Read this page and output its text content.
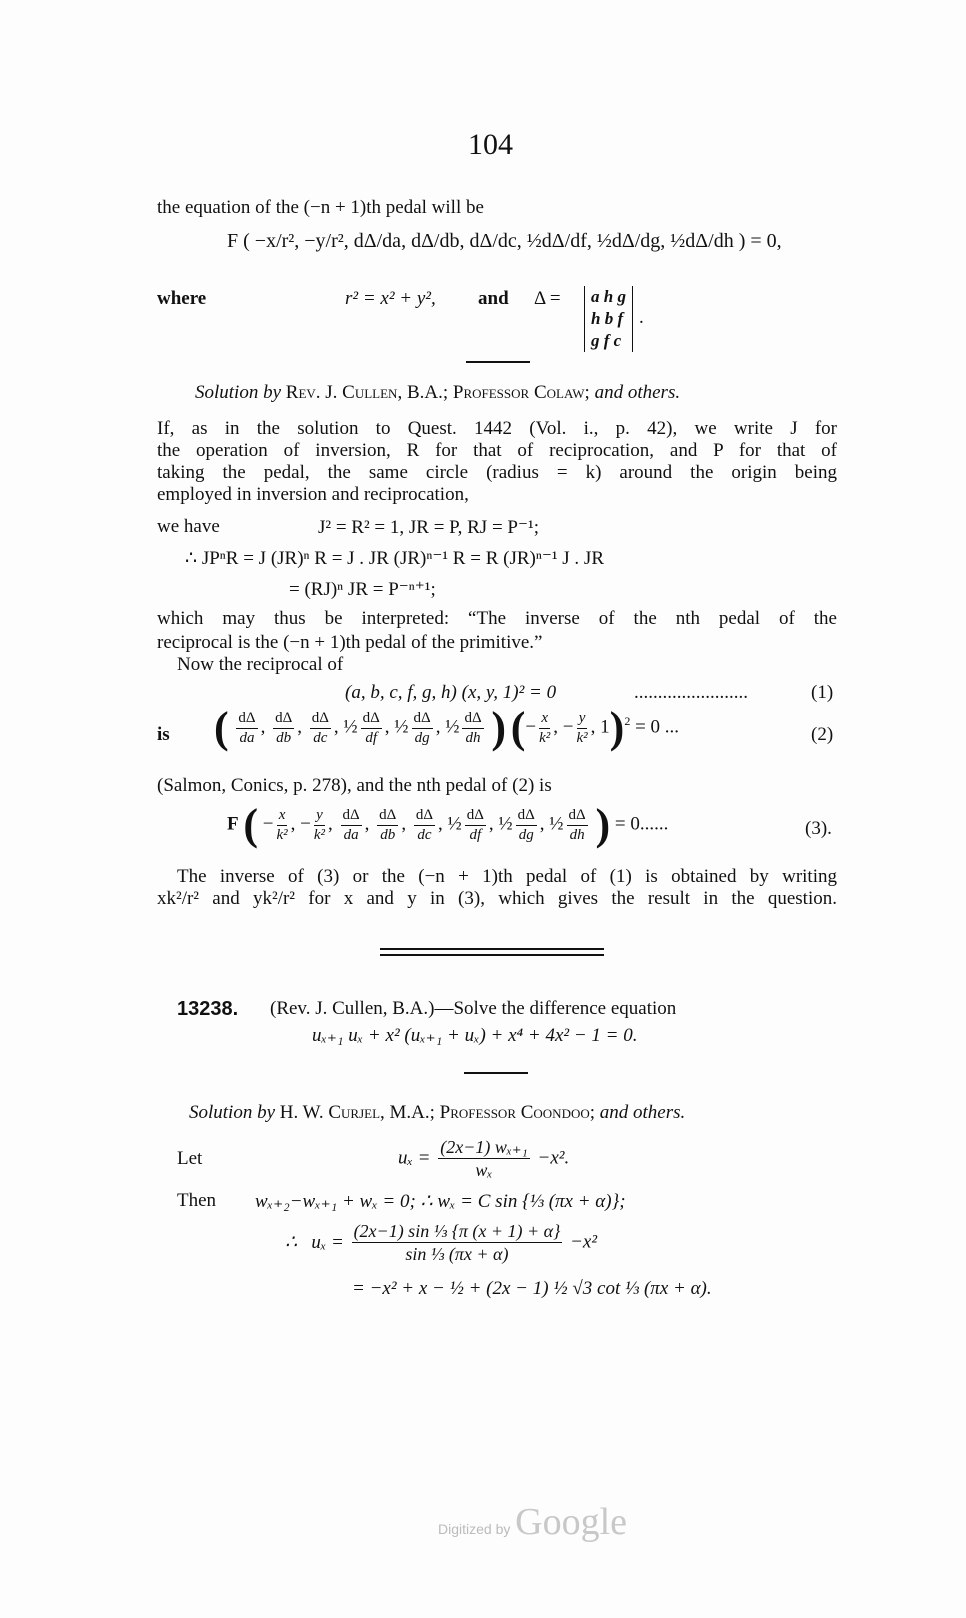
104
the equation of the (−n + 1)th pedal will be
F ( −x/r², −y/r², dΔ/da, dΔ/db, dΔ/dc, ½dΔ/df, ½dΔ/dg, ½dΔ/dh ) = 0,
where	r² = x² + y², and Δ = a h g
h b f
g f c
.
Solution by Rev. J. Cullen, B.A.; Professor Colaw; and others.
If, as in the solution to Quest. 1442 (Vol. i., p. 42), we write J for
the operation of inversion, R for that of reciprocation, and P for that of
taking the pedal, the same circle (radius = k) around the origin being
employed in inversion and reciprocation,
we have	J² = R² = 1, JR = P, RJ = P⁻¹;
∴ JPⁿR = J (JR)ⁿ R = J . JR (JR)ⁿ⁻¹ R = R (JR)ⁿ⁻¹ J . JR
= (RJ)ⁿ JR = P⁻ⁿ⁺¹;
which may thus be interpreted: “The inverse of the nth pedal of the
reciprocal is the (−n + 1)th pedal of the primitive.”
Now the reciprocal of
(a, b, c, f, g, h) (x, y, 1)² = 0	........................	(1)
is ( $\frac{d\Delta}{da}$ , $\frac{d\Delta}{db}$ , $\frac{d\Delta}{dc}$ , ½ $\frac{d\Delta}{df}$ , ½ $\frac{d\Delta}{dg}$ , ½ $\frac{d\Delta}{dh}$ ) (− $\frac{x}{\text{k²}}$ , − $\frac{y}{\text{k²}}$ , 1)$^2$ = 0 ...	(2)
(Salmon, Conics, p. 278), and the nth pedal of (2) is
F ( − $\frac{x}{\text{k²}}$ , − $\frac{y}{\text{k²}}$ , $\frac{d\Delta}{da}$ , $\frac{d\Delta}{db}$ , $\frac{d\Delta}{dc}$ , ½ $\frac{d\Delta}{df}$ , ½ $\frac{d\Delta}{dg}$ , ½ $\frac{d\Delta}{dh}$ ) = 0......	(3).
The inverse of (3) or the (−n + 1)th pedal of (1) is obtained by writing
xk²/r² and yk²/r² for x and y in (3), which gives the result in the question.
13238. (Rev. J. Cullen, B.A.)—Solve the difference equation
uₓ₊₁ uₓ + x² (uₓ₊₁ + uₓ) + x⁴ + 4x² − 1 = 0.
Solution by H. W. Curjel, M.A.; Professor Coondoo; and others.
Let	$u_x = \frac{\text{(2x−1) wₓ₊₁}}{\text{wₓ}} -x^2$.
Then wₓ₊₂−wₓ₊₁ + wₓ = 0; ∴ wₓ = C sin {⅓ (πx + α)};
∴   $u_x = \frac{\text{(2x−1) sin ⅓ \{π (x + 1) + α\}}}{\text{sin ⅓ (πx + α)}} -x^2$
= −x² + x − ½ + (2x − 1) ½ √3 cot ⅓ (πx + α).
Digitized by Google
